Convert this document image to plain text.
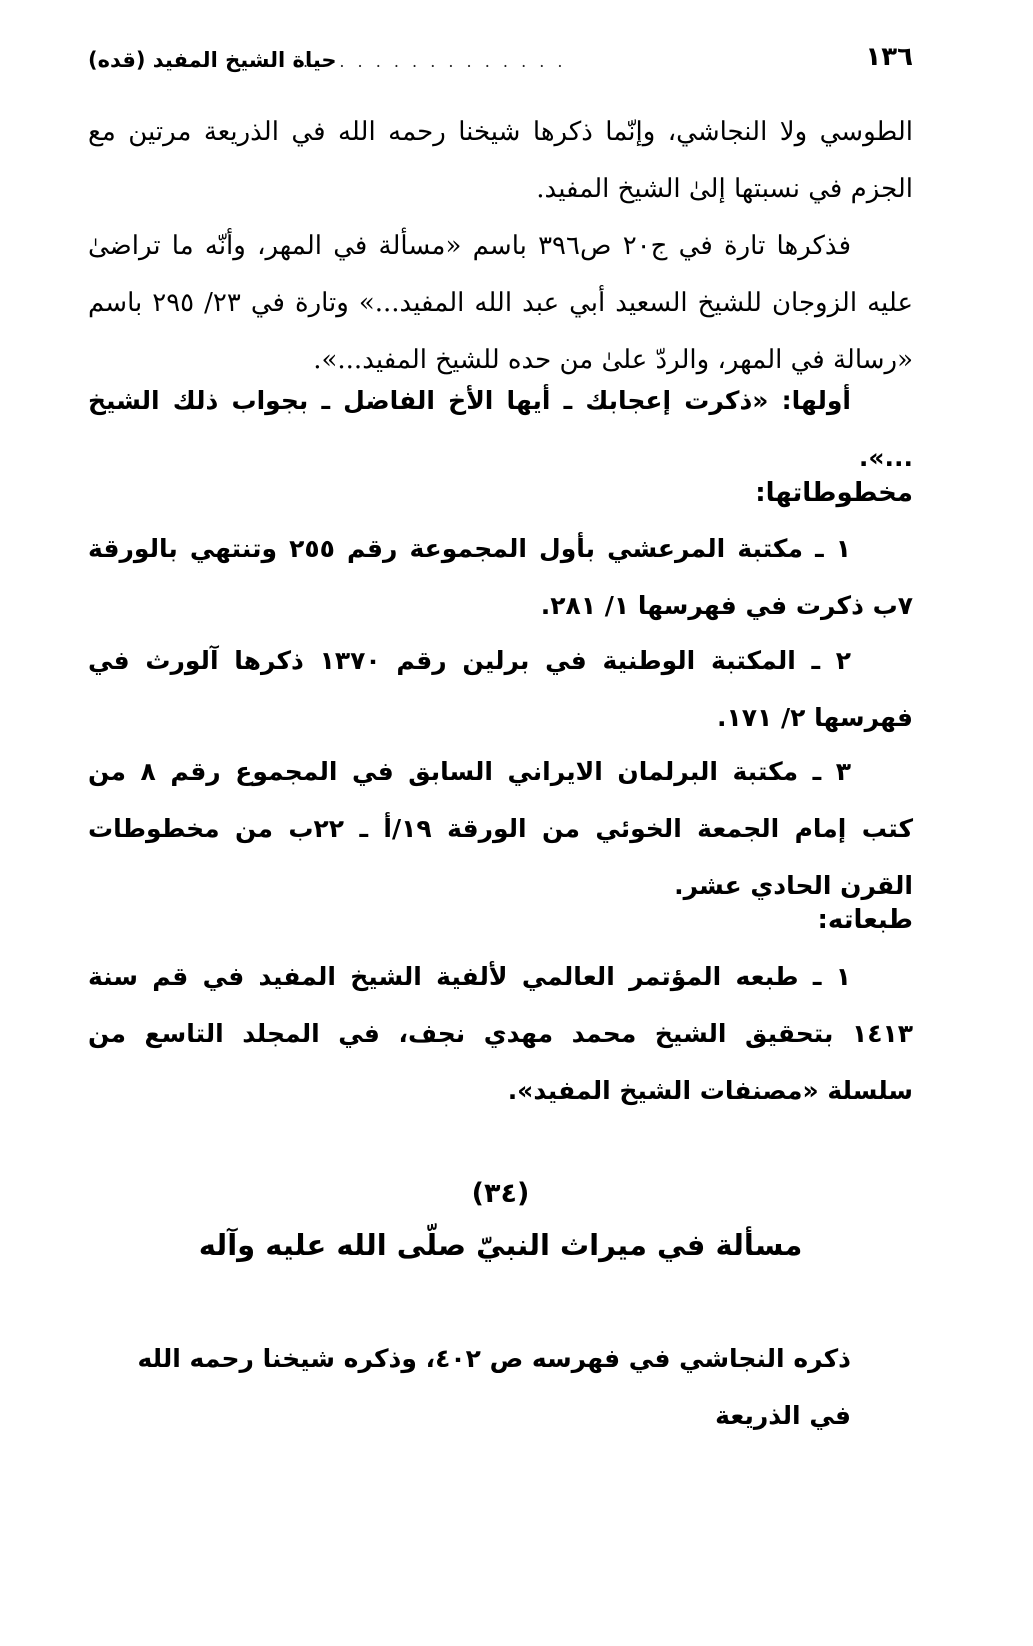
١٣٦
. . . . . . . . . . . . . . .
حياة الشيخ المفيد (قده)

الطوسي ولا النجاشي، وإنّما ذكرها شيخنا رحمه الله في الذريعة مرتين مع الجزم في نسبتها إلىٰ الشيخ المفيد.

فذكرها تارة في ج٢٠ ص٣٩٦ باسم «مسألة في المهر، وأنّه ما تراضىٰ عليه الزوجان للشيخ السعيد أبي عبد الله المفيد...» وتارة في ٢٣/ ٢٩٥ باسم «رسالة في المهر، والردّ علىٰ من حده للشيخ المفيد...».

أولها: «ذكرت إعجابك ـ أيها الأخ الفاضل ـ بجواب ذلك الشيخ ...».

مخطوطاتها:

١ ـ مكتبة المرعشي بأول المجموعة رقم ٢٥٥ وتنتهي بالورقة ٧ب ذكرت في فهرسها ١/ ٢٨١.

٢ ـ المكتبة الوطنية في برلين رقم ١٣٧٠ ذكرها آلورث في فهرسها ٢/ ١٧١.

٣ ـ مكتبة البرلمان الايراني السابق في المجموع رقم ٨ من كتب إمام الجمعة الخوئي من الورقة ١٩/أ ـ ٢٢ب من مخطوطات القرن الحادي عشر.

طبعاته:

١ ـ طبعه المؤتمر العالمي لألفية الشيخ المفيد في قم سنة ١٤١٣ بتحقيق الشيخ محمد مهدي نجف، في المجلد التاسع من سلسلة «مصنفات الشيخ المفيد».

(٣٤)
مسألة في ميراث النبيّ صلّى الله عليه وآله

ذكره النجاشي في فهرسه ص ٤٠٢، وذكره شيخنا رحمه الله في الذريعة
